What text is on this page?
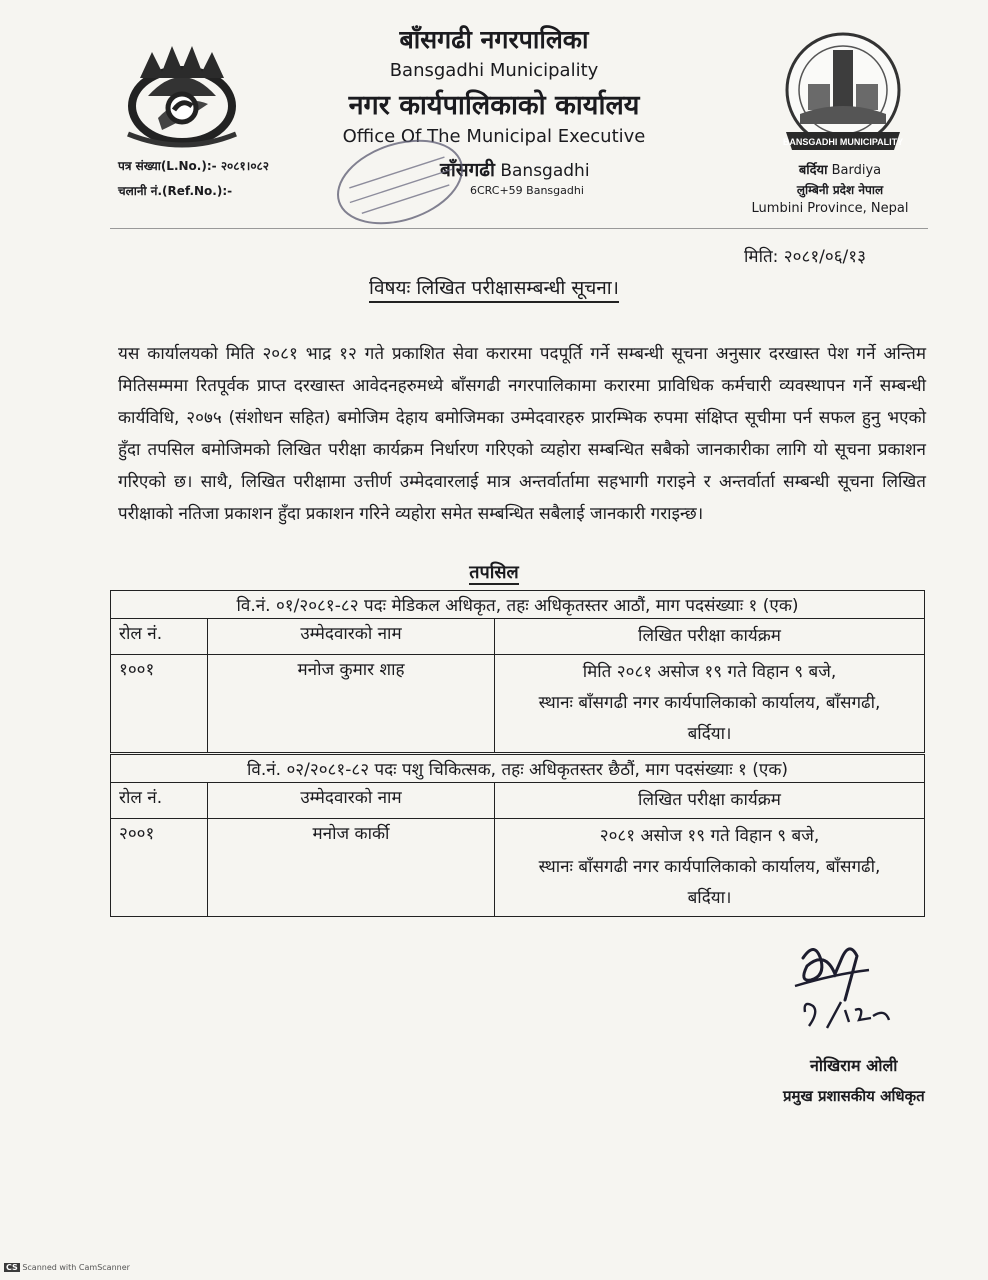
BANSGADHI MUNICIPALITY
बाँसगढी नगरपालिका
Bansgadhi Municipality
नगर कार्यपालिकाको कार्यालय
Office Of The Municipal Executive
बाँसगढी Bansgadhi
6CRC+59 Bansgadhi
बर्दिया Bardiya
लुम्बिनी प्रदेश नेपाल
Lumbini Province, Nepal
पत्र संख्या(L.No.):- २०८१।०८२
चलानी नं.(Ref.No.):-
मिति: २०८१/०६/१३
विषयः लिखित परीक्षासम्बन्धी सूचना।
यस कार्यालयको मिति २०८१ भाद्र १२ गते प्रकाशित सेवा करारमा पदपूर्ति गर्ने सम्बन्धी सूचना अनुसार दरखास्त पेश गर्ने अन्तिम मितिसम्ममा रितपूर्वक प्राप्त दरखास्त आवेदनहरुमध्ये बाँसगढी नगरपालिकामा करारमा प्राविधिक कर्मचारी व्यवस्थापन गर्ने सम्बन्धी कार्यविधि, २०७५ (संशोधन सहित) बमोजिम देहाय बमोजिमका उम्मेदवारहरु प्रारम्भिक रुपमा संक्षिप्त सूचीमा पर्न सफल हुनु भएको हुँदा तपसिल बमोजिमको लिखित परीक्षा कार्यक्रम निर्धारण गरिएको व्यहोरा सम्बन्धित सबैको जानकारीका लागि यो सूचना प्रकाशन गरिएको छ। साथै, लिखित परीक्षामा उत्तीर्ण उम्मेदवारलाई मात्र अन्तर्वार्तामा सहभागी गराइने र अन्तर्वार्ता सम्बन्धी सूचना लिखित परीक्षाको नतिजा प्रकाशन हुँदा प्रकाशन गरिने व्यहोरा समेत सम्बन्धित सबैलाई जानकारी गराइन्छ।
तपसिल
वि.नं. ०१/२०८१-८२ पदः मेडिकल अधिकृत, तहः अधिकृतस्तर आठौं, माग पदसंख्याः १ (एक)		
रोल नं.	उम्मेदवारको नाम	लिखित परीक्षा कार्यक्रम
१००१	मनोज कुमार शाह	मिति २०८१ असोज १९ गते विहान ९ बजे,
स्थानः बाँसगढी नगर कार्यपालिकाको कार्यालय, बाँसगढी,
बर्दिया।
वि.नं. ०२/२०८१-८२ पदः पशु चिकित्सक, तहः अधिकृतस्तर छैठौं, माग पदसंख्याः १ (एक)		
रोल नं.	उम्मेदवारको नाम	लिखित परीक्षा कार्यक्रम
२००१	मनोज कार्की	२०८१ असोज १९ गते विहान ९ बजे,
स्थानः बाँसगढी नगर कार्यपालिकाको कार्यालय, बाँसगढी,
बर्दिया।
नोखिराम ओली
प्रमुख प्रशासकीय अधिकृत
CS Scanned with CamScanner
